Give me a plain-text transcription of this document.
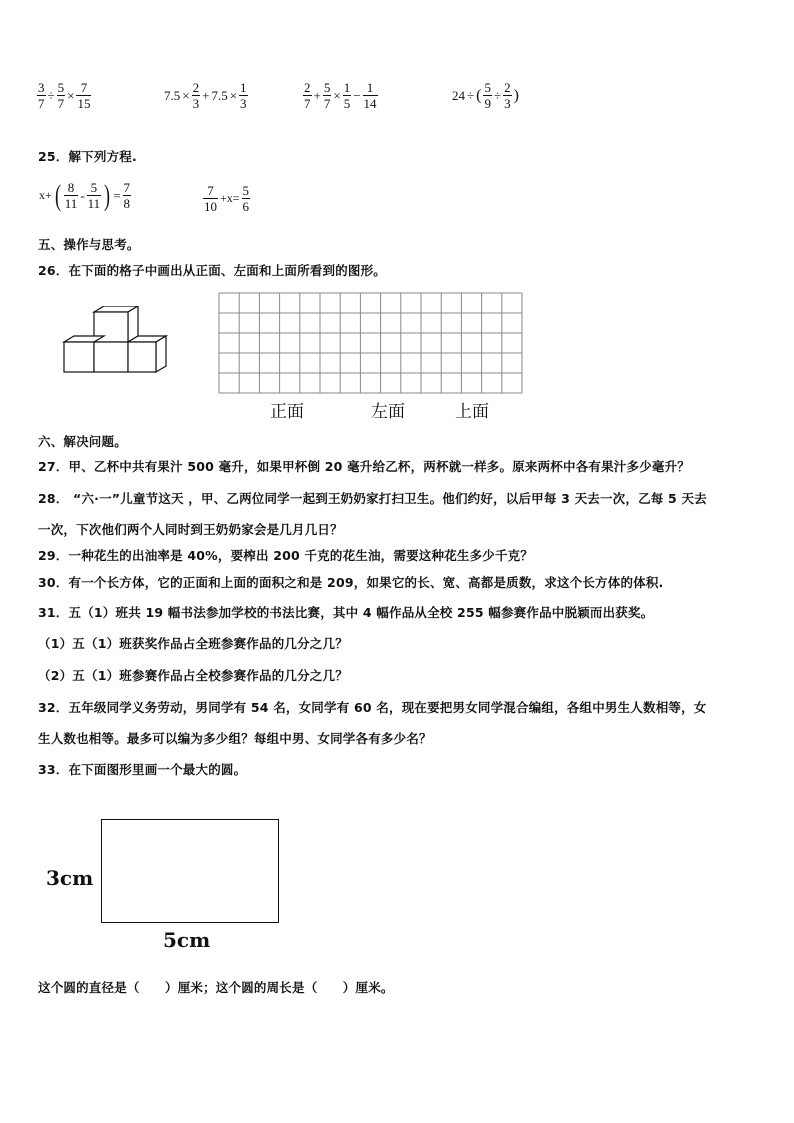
$\frac{3}{7} \div \frac{5}{7} \times \frac{7}{15}$	$7.5 \times \frac{2}{3} + 7.5 \times \frac{1}{3}$	$\frac{2}{7} + \frac{5}{7} \times \frac{1}{5} - \frac{1}{14}$	24 ÷ ( $\frac{5}{9} \div \frac{2}{3}$ )
25．解下列方程.
x+ ( $\frac{8}{11} - \frac{5}{11}$ ) = $\frac{7}{8}$	$\frac{7}{10} +x= \frac{5}{6}$
五、操作与思考。
26．在下面的格子中画出从正面、左面和上面所看到的图形。
正面	左面	上面
六、解决问题。
27．甲、乙杯中共有果汁 500 毫升，如果甲杯倒 20 毫升给乙杯，两杯就一样多。原来两杯中各有果汁多少毫升？
28． “六·一”儿童节这天 ，甲、乙两位同学一起到王奶奶家打扫卫生。他们约好，以后甲每 3 天去一次，乙每 5 天去
一次，下次他们两个人同时到王奶奶家会是几月几日？
29．一种花生的出油率是 40%，要榨出 200 千克的花生油，需要这种花生多少千克？
30．有一个长方体，它的正面和上面的面积之和是 209，如果它的长、宽、高都是质数，求这个长方体的体积.
31．五（1）班共 19 幅书法参加学校的书法比赛，其中 4 幅作品从全校 255 幅参赛作品中脱颖而出获奖。
（1）五（1）班获奖作品占全班参赛作品的几分之几？
（2）五（1）班参赛作品占全校参赛作品的几分之几？
32．五年级同学义务劳动，男同学有 54 名，女同学有 60 名，现在要把男女同学混合编组，各组中男生人数相等，女
生人数也相等。最多可以编为多少组？每组中男、女同学各有多少名？
33．在下面图形里画一个最大的圆。
3cm
5cm
这个圆的直径是（　　）厘米；这个圆的周长是（　　）厘米。
